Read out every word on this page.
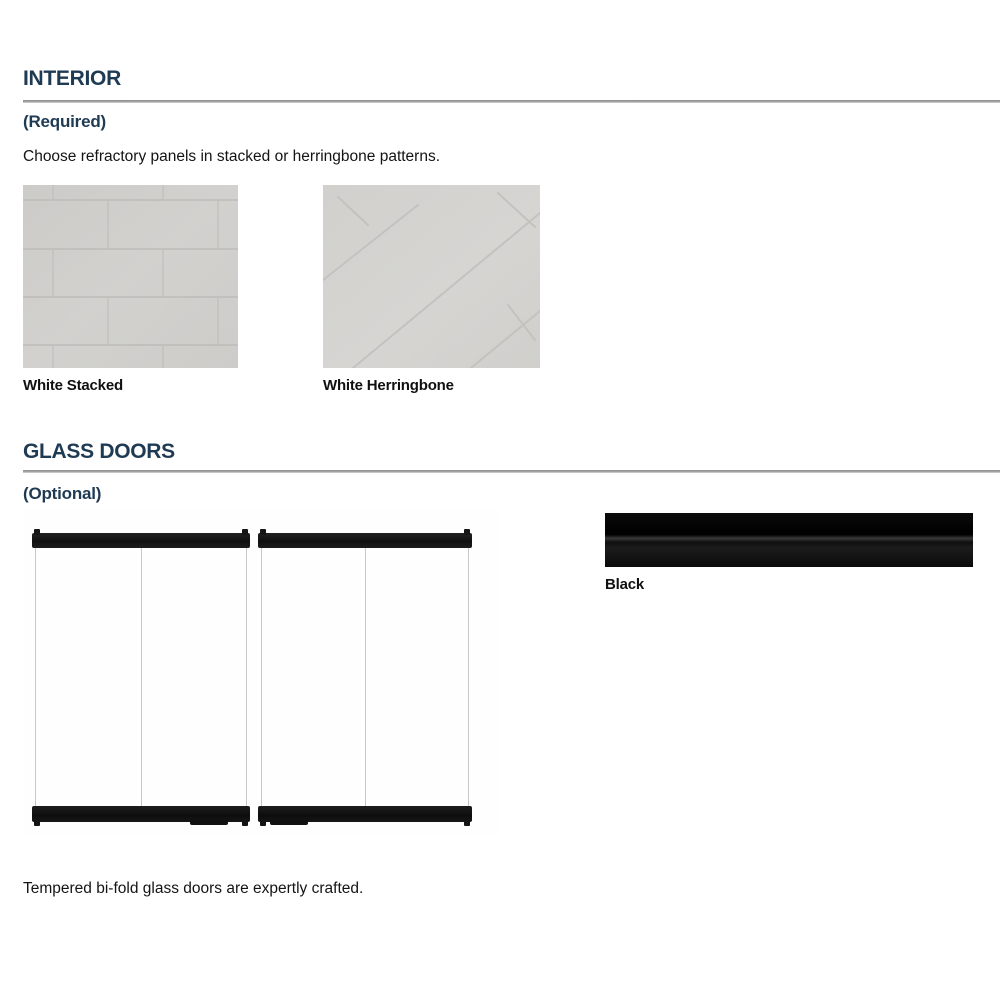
INTERIOR
(Required)

Choose refractory panels in stacked or herringbone patterns.

White Stacked	White Herringbone
GLASS DOORS
(Optional)
Black

Tempered bi-fold glass doors are expertly crafted.
